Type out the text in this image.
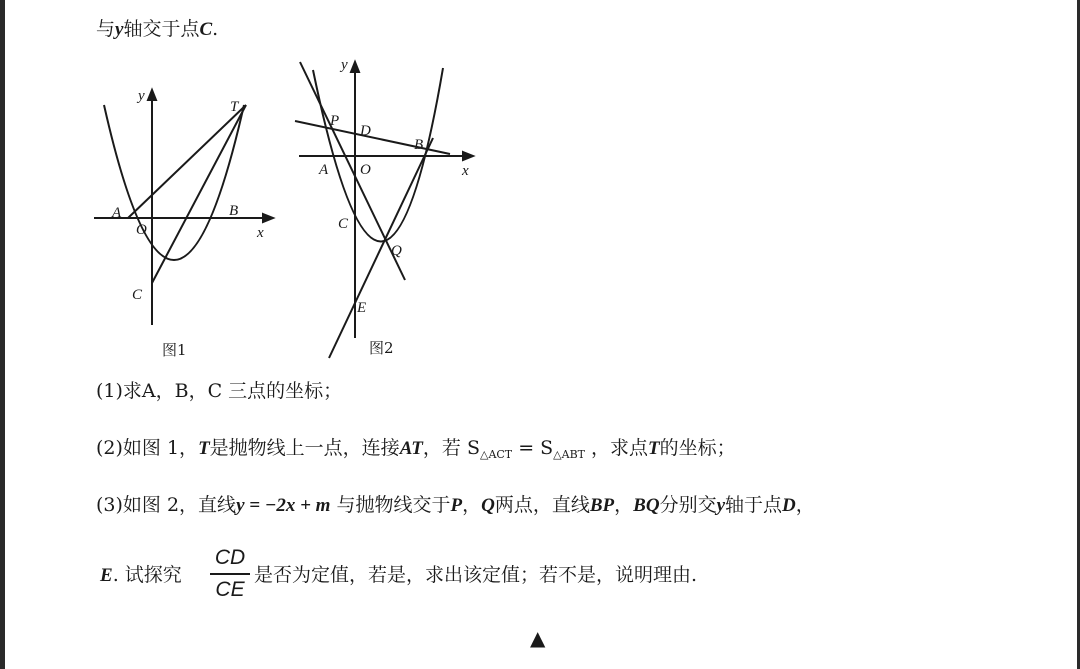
与y轴交于点C.
y
x
A
O
B
C
T
图1
y
x
P
D
B
A O
C
Q
E
图2
(1)求A，B，C 三点的坐标；
(2)如图 1，T是抛物线上一点，连接AT，若 $S_{\triangle ACT} = S_{\triangle ABT}$ ，求点T的坐标；
(3)如图 2，直线y = −2x + m 与抛物线交于P，Q两点，直线BP，BQ分别交y轴于点D，
E. 试探究
CD
CE
是否为定值，若是，求出该定值；若不是，说明理由.
▲
